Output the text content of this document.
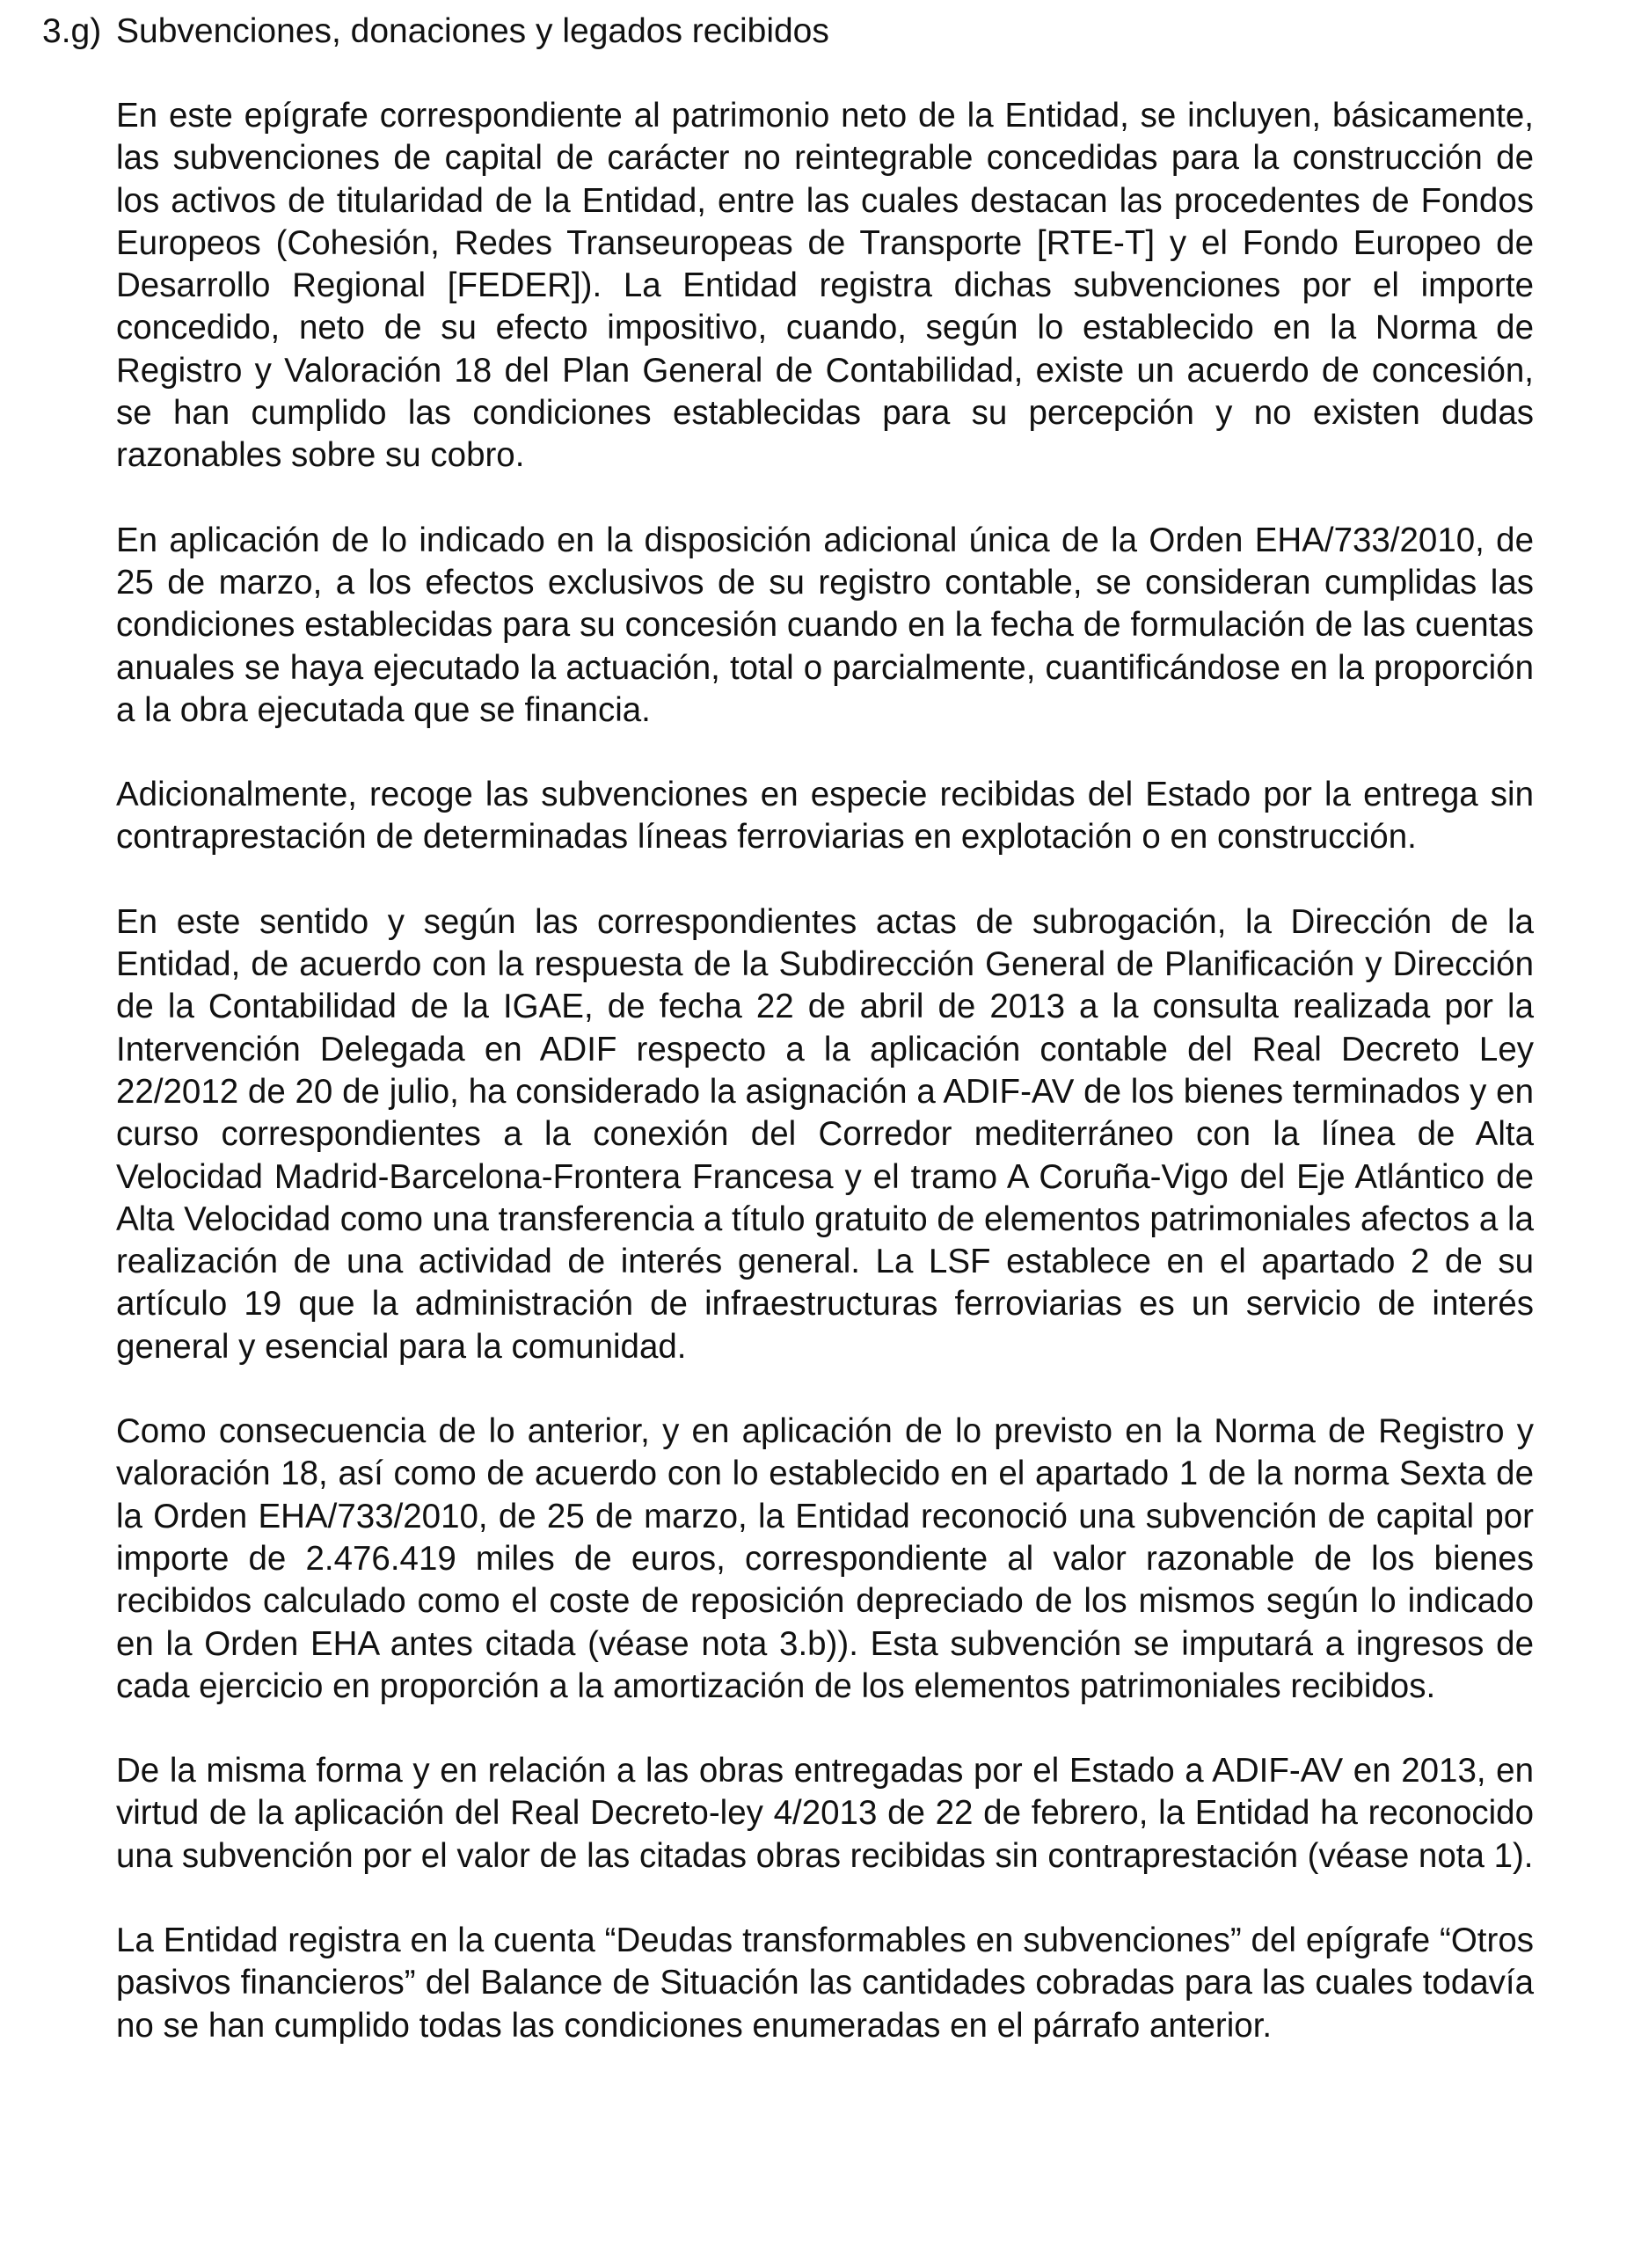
3.g) Subvenciones, donaciones y legados recibidos

En este epígrafe correspondiente al patrimonio neto de la Entidad, se incluyen, básicamente, las subvenciones de capital de carácter no reintegrable concedidas para la construcción de los activos de titularidad de la Entidad, entre las cuales destacan las procedentes de Fondos Europeos (Cohesión, Redes Transeuropeas de Transporte [RTE-T] y el Fondo Europeo de Desarrollo Regional [FEDER]). La Entidad registra dichas subvenciones por el importe concedido, neto de su efecto impositivo, cuando, según lo establecido en la Norma de Registro y Valoración 18 del Plan General de Contabilidad, existe un acuerdo de concesión, se han cumplido las condiciones establecidas para su percepción y no existen dudas razonables sobre su cobro.

En aplicación de lo indicado en la disposición adicional única de la Orden EHA/733/2010, de 25 de marzo, a los efectos exclusivos de su registro contable, se consideran cumplidas las condiciones establecidas para su concesión cuando en la fecha de formulación de las cuentas anuales se haya ejecutado la actuación, total o parcialmente, cuantificándose en la proporción a la obra ejecutada que se financia.

Adicionalmente, recoge las subvenciones en especie recibidas del Estado por la entrega sin contraprestación de determinadas líneas ferroviarias en explotación o en construcción.

En este sentido y según las correspondientes actas de subrogación, la Dirección de la Entidad, de acuerdo con la respuesta de la Subdirección General de Planificación y Dirección de la Contabilidad de la IGAE, de fecha 22 de abril de 2013 a la consulta realizada por la Intervención Delegada en ADIF respecto a la aplicación contable del Real Decreto Ley 22/2012 de 20 de julio, ha considerado la asignación a ADIF-AV de los bienes terminados y en curso correspondientes a la conexión del Corredor mediterráneo con la línea de Alta Velocidad Madrid-Barcelona-Frontera Francesa y el tramo A Coruña-Vigo del Eje Atlántico de Alta Velocidad como una transferencia a título gratuito de elementos patrimoniales afectos a la realización de una actividad de interés general. La LSF establece en el apartado 2 de su artículo 19 que la administración de infraestructuras ferroviarias es un servicio de interés general y esencial para la comunidad.

Como consecuencia de lo anterior, y en aplicación de lo previsto en la Norma de Registro y valoración 18, así como de acuerdo con lo establecido en el apartado 1 de la norma Sexta de la Orden EHA/733/2010, de 25 de marzo, la Entidad reconoció una subvención de capital por importe de 2.476.419 miles de euros, correspondiente al valor razonable de los bienes recibidos calculado como el coste de reposición depreciado de los mismos según lo indicado en la Orden EHA antes citada (véase nota 3.b)). Esta subvención se imputará a ingresos de cada ejercicio en proporción a la amortización de los elementos patrimoniales recibidos.

De la misma forma y en relación a las obras entregadas por el Estado a ADIF-AV en 2013, en virtud de la aplicación del Real Decreto-ley 4/2013 de 22 de febrero, la Entidad ha reconocido una subvención por el valor de las citadas obras recibidas sin contraprestación (véase nota 1).

La Entidad registra en la cuenta “Deudas transformables en subvenciones” del epígrafe “Otros pasivos financieros” del Balance de Situación las cantidades cobradas para las cuales todavía no se han cumplido todas las condiciones enumeradas en el párrafo anterior.
